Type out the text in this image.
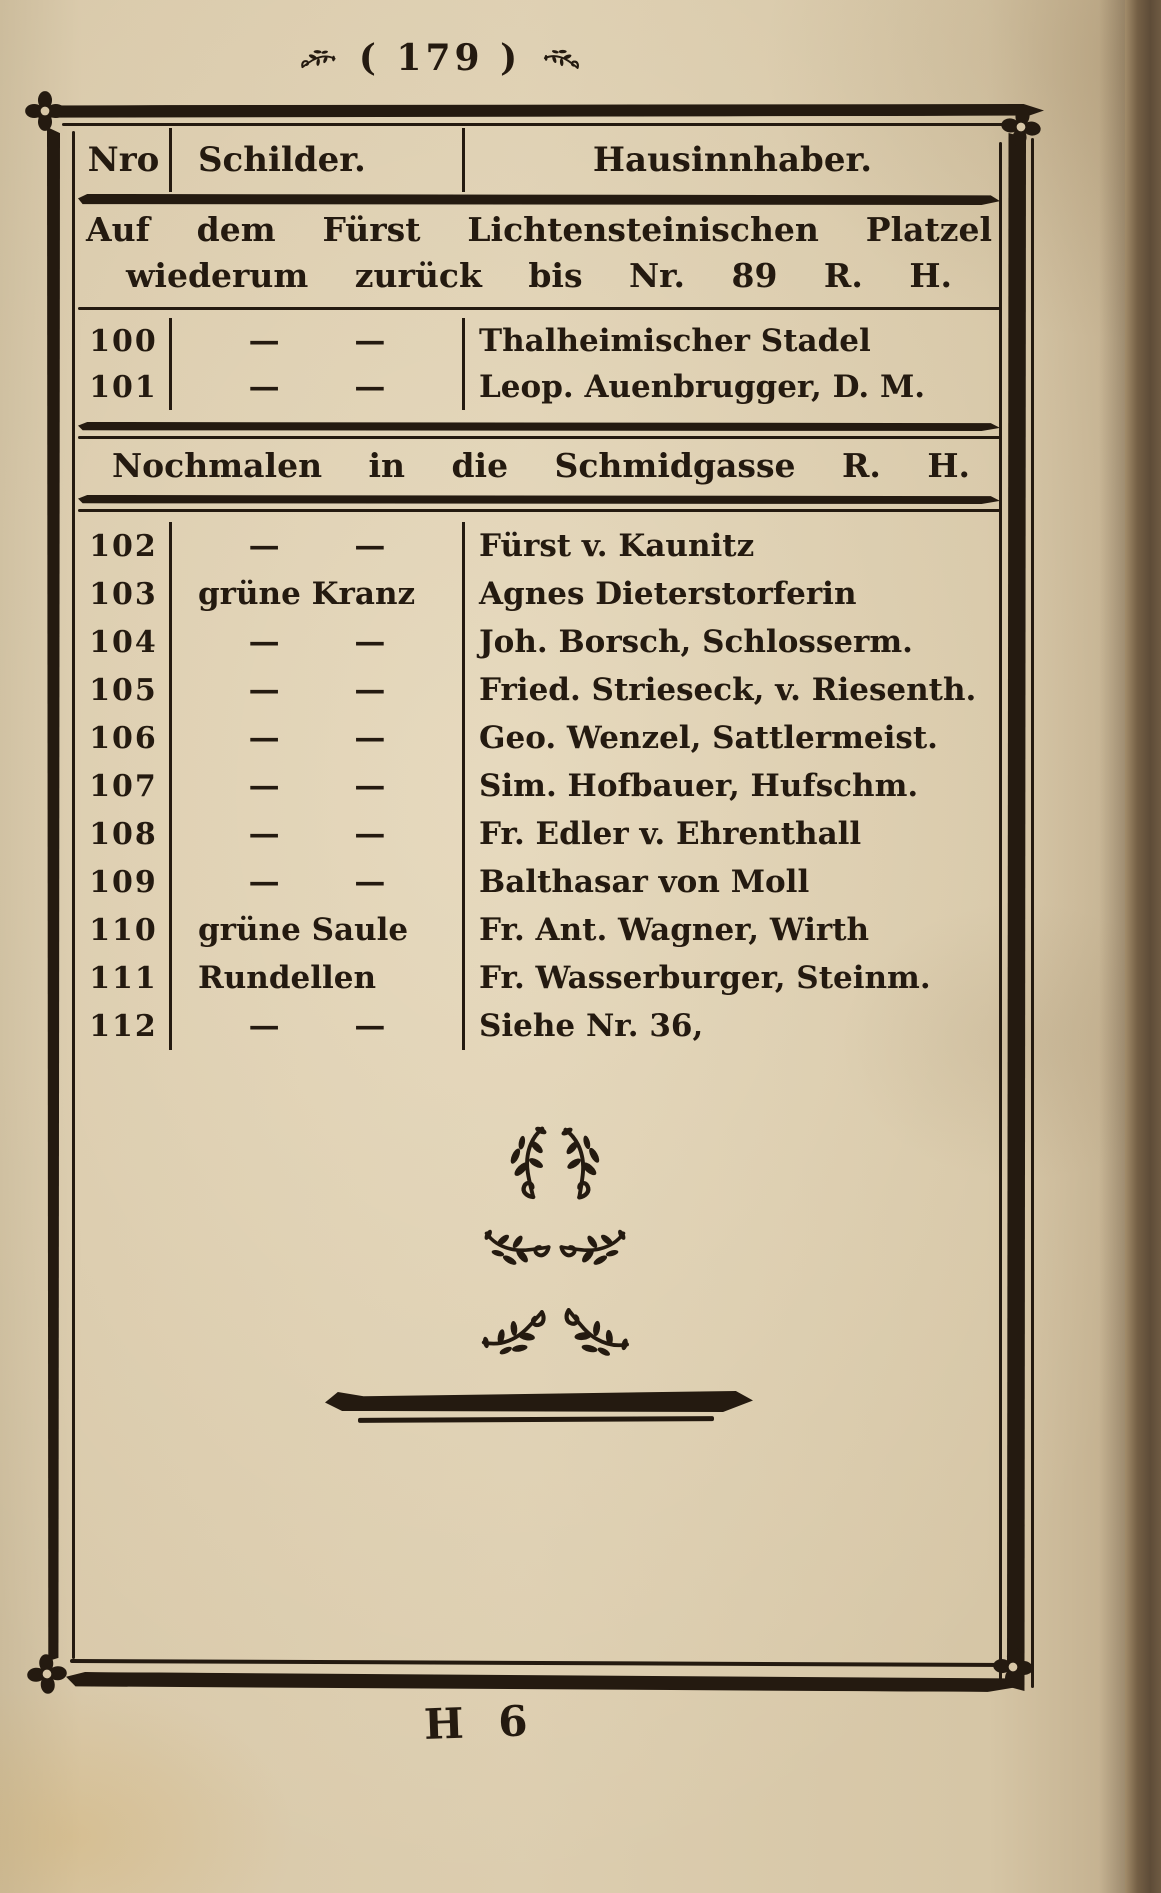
( 179 )
Nro	Schilder.	Hausinnhaber.
Auf dem Fürst Lichtensteinischen Platzel
wiederum zurück bis Nr. 89 R. H.
100	— —	Thalheimischer Stadel
101	— —	Leop. Auenbrugger, D. M.
Nochmalen in die Schmidgasse R. H.
102	— —	Fürst v. Kaunitz
103	grüne Kranz	Agnes Dieterstorferin
104	— —	Joh. Borsch, Schlosserm.
105	— —	Fried. Strieseck, v. Riesenth.
106	— —	Geo. Wenzel, Sattlermeist.
107	— —	Sim. Hofbauer, Hufschm.
108	— —	Fr. Edler v. Ehrenthall
109	— —	Balthasar von Moll
110	grüne Saule	Fr. Ant. Wagner, Wirth
111	Rundellen	Fr. Wasserburger, Steinm.
112	— —	Siehe Nr. 36,
H 6
